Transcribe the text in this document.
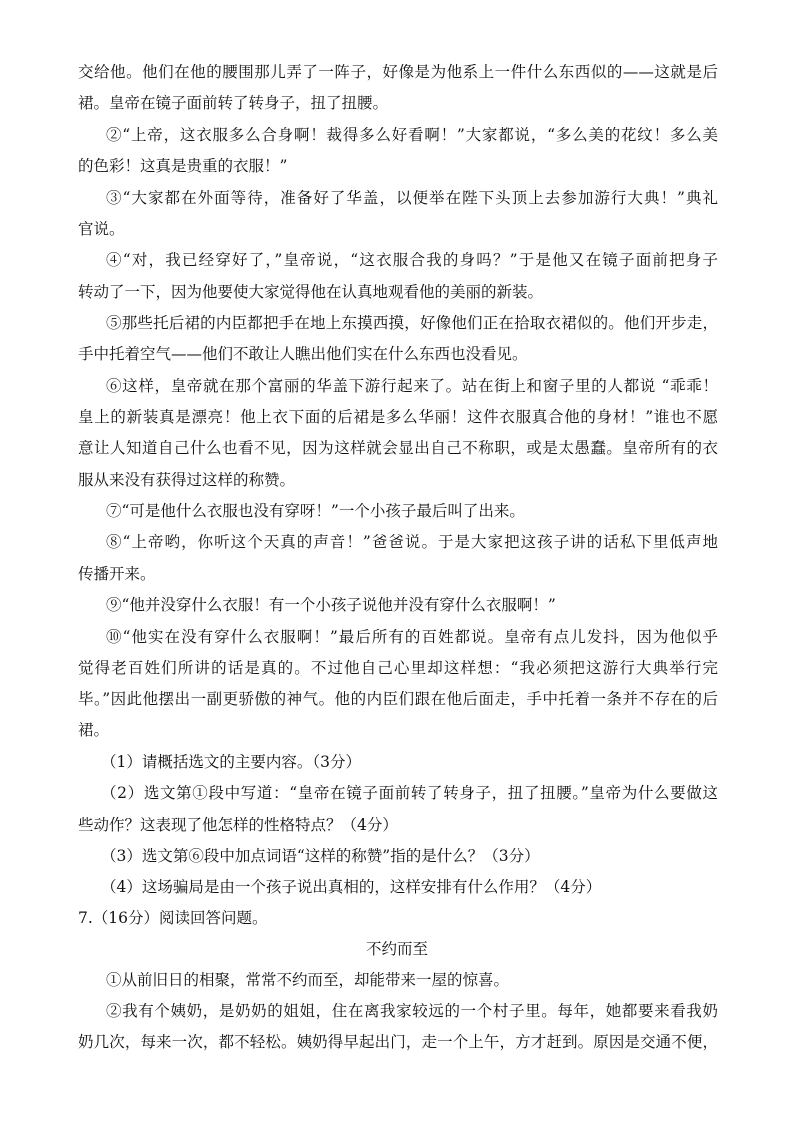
交给他。他们在他的腰围那儿弄了一阵子，好像是为他系上一件什么东西似的——这就是后
裙。皇帝在镜子面前转了转身子，扭了扭腰。
②“上帝，这衣服多么合身啊！裁得多么好看啊！”大家都说，“多么美的花纹！多么美
的色彩！这真是贵重的衣服！”
③“大家都在外面等待，准备好了华盖，以便举在陛下头顶上去参加游行大典！”典礼
官说。
④“对，我已经穿好了，”皇帝说，“这衣服合我的身吗？”于是他又在镜子面前把身子
转动了一下，因为他要使大家觉得他在认真地观看他的美丽的新装。
⑤那些托后裙的内臣都把手在地上东摸西摸，好像他们正在拾取衣裙似的。他们开步走，
手中托着空气——他们不敢让人瞧出他们实在什么东西也没看见。
⑥这样，皇帝就在那个富丽的华盖下游行起来了。站在街上和窗子里的人都说 “乖乖！
皇上的新装真是漂亮！他上衣下面的后裙是多么华丽！这件衣服真合他的身材！”谁也不愿
意让人知道自己什么也看不见，因为这样就会显出自己不称职，或是太愚蠢。皇帝所有的衣
服从来没有获得过这样的称赞。
⑦“可是他什么衣服也没有穿呀！”一个小孩子最后叫了出来。
⑧“上帝哟，你听这个天真的声音！”爸爸说。于是大家把这孩子讲的话私下里低声地
传播开来。
⑨“他并没穿什么衣服！有一个小孩子说他并没有穿什么衣服啊！”
⑩“他实在没有穿什么衣服啊！”最后所有的百姓都说。皇帝有点儿发抖，因为他似乎
觉得老百姓们所讲的话是真的。不过他自己心里却这样想：“我必须把这游行大典举行完
毕。”因此他摆出一副更骄傲的神气。他的内臣们跟在他后面走，手中托着一条并不存在的后
裙。
（1）请概括选文的主要内容。（3分）
（2）选文第①段中写道：“皇帝在镜子面前转了转身子，扭了扭腰。”皇帝为什么要做这
些动作？这表现了他怎样的性格特点？（4分）
（3）选文第⑥段中加点词语“这样的称赞”指的是什么？（3分）
（4）这场骗局是由一个孩子说出真相的，这样安排有什么作用？（4分）
7.（16分）阅读回答问题。
不约而至
①从前旧日的相聚，常常不约而至，却能带来一屋的惊喜。
②我有个姨奶，是奶奶的姐姐，住在离我家较远的一个村子里。每年，她都要来看我奶
奶几次，每来一次，都不轻松。姨奶得早起出门，走一个上午，方才赶到。原因是交通不便，
